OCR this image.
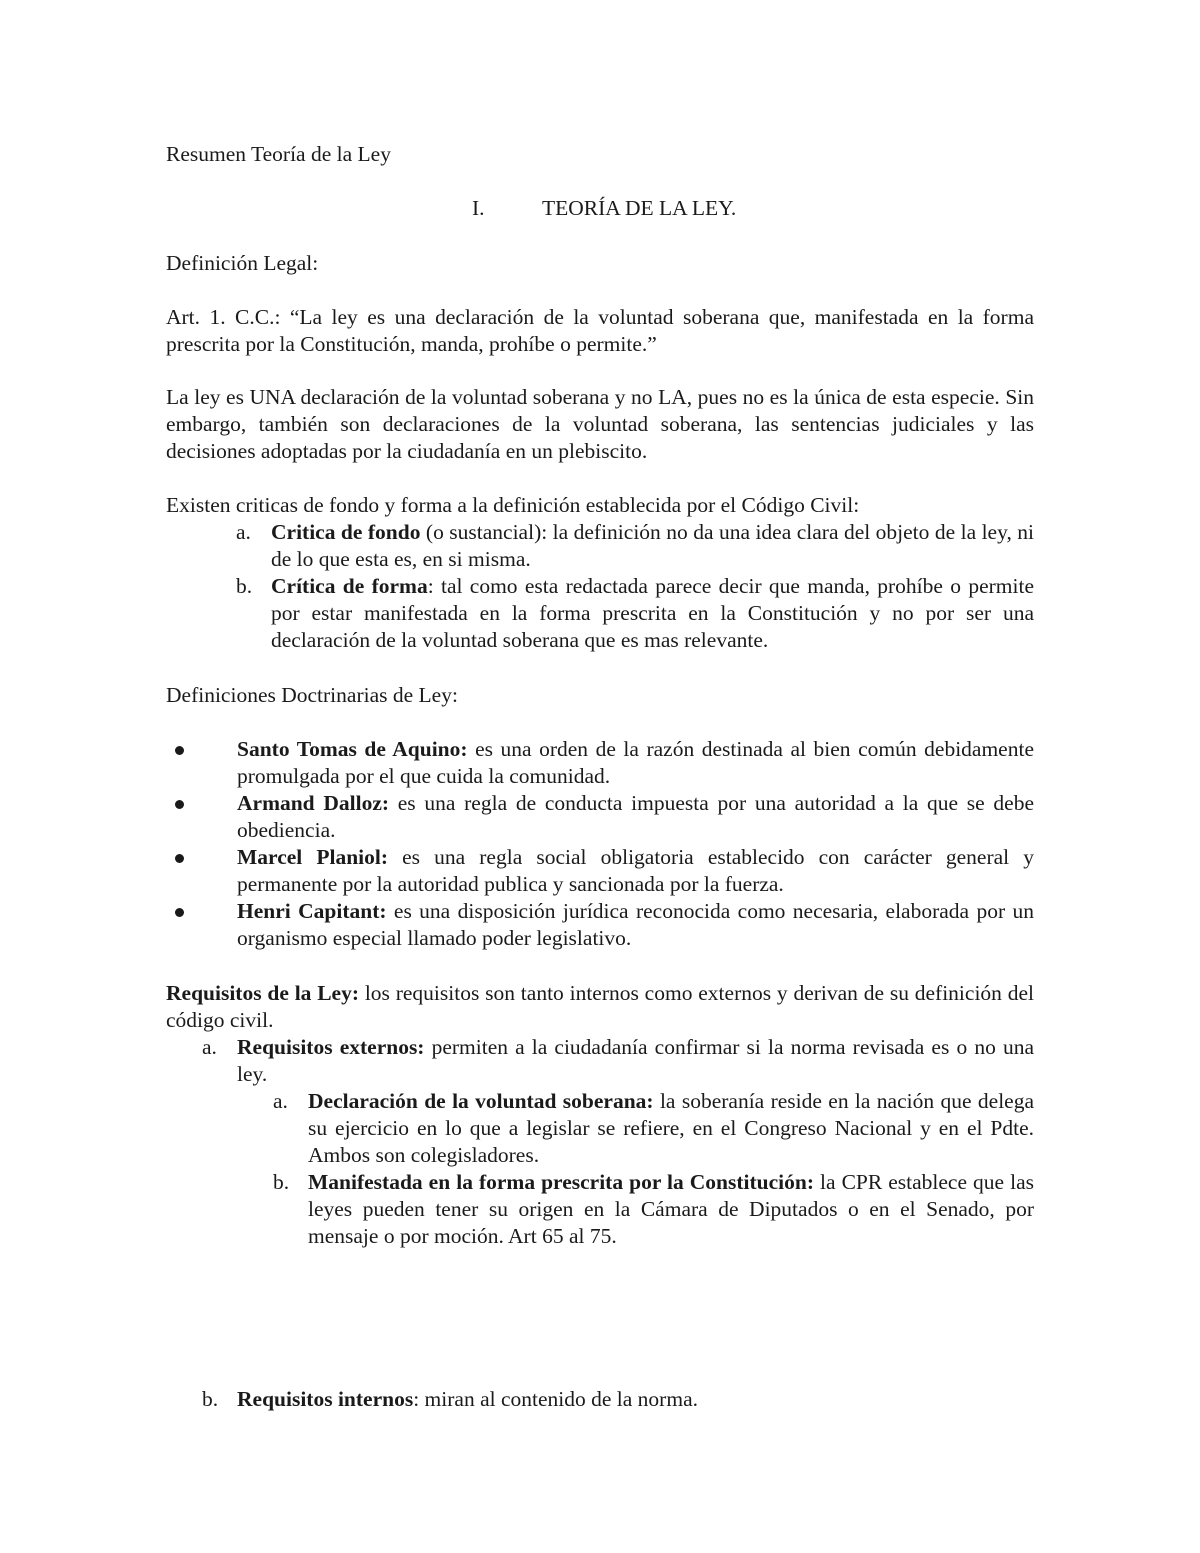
Resumen Teoría de la Ley

I.	TEORÍA DE LA LEY.

Definición Legal:

Art. 1. C.C.: “La ley es una declaración de la voluntad soberana que, manifestada en la forma prescrita por la Constitución, manda, prohíbe o permite.”

La ley es UNA declaración de la voluntad soberana y no LA, pues no es la única de esta especie. Sin embargo, también son declaraciones de la voluntad soberana, las sentencias judiciales y las decisiones adoptadas por la ciudadanía en un plebiscito.

Existen criticas de fondo y forma a la definición establecida por el Código Civil:

a. Critica de fondo (o sustancial): la definición no da una idea clara del objeto de la ley, ni de lo que esta es, en si misma.
b. Crítica de forma: tal como esta redactada parece decir que manda, prohíbe o permite por estar manifestada en la forma prescrita en la Constitución y no por ser una declaración de la voluntad soberana que es mas relevante.

Definiciones Doctrinarias de Ley:

Santo Tomas de Aquino: es una orden de la razón destinada al bien común debidamente promulgada por el que cuida la comunidad.
Armand Dalloz: es una regla de conducta impuesta por una autoridad a la que se debe obediencia.
Marcel Planiol: es una regla social obligatoria establecido con carácter general y permanente por la autoridad publica y sancionada por la fuerza.
Henri Capitant: es una disposición jurídica reconocida como necesaria, elaborada por un organismo especial llamado poder legislativo.

Requisitos de la Ley: los requisitos son tanto internos como externos y derivan de su definición del código civil.

a. Requisitos externos: permiten a la ciudadanía confirmar si la norma revisada es o no una ley.
a. Declaración de la voluntad soberana: la soberanía reside en la nación que delega su ejercicio en lo que a legislar se refiere, en el Congreso Nacional y en el Pdte. Ambos son colegisladores.
b. Manifestada en la forma prescrita por la Constitución: la CPR establece que las leyes pueden tener su origen en la Cámara de Diputados o en el Senado, por mensaje o por moción. Art 65 al 75.
b. Requisitos internos: miran al contenido de la norma.
